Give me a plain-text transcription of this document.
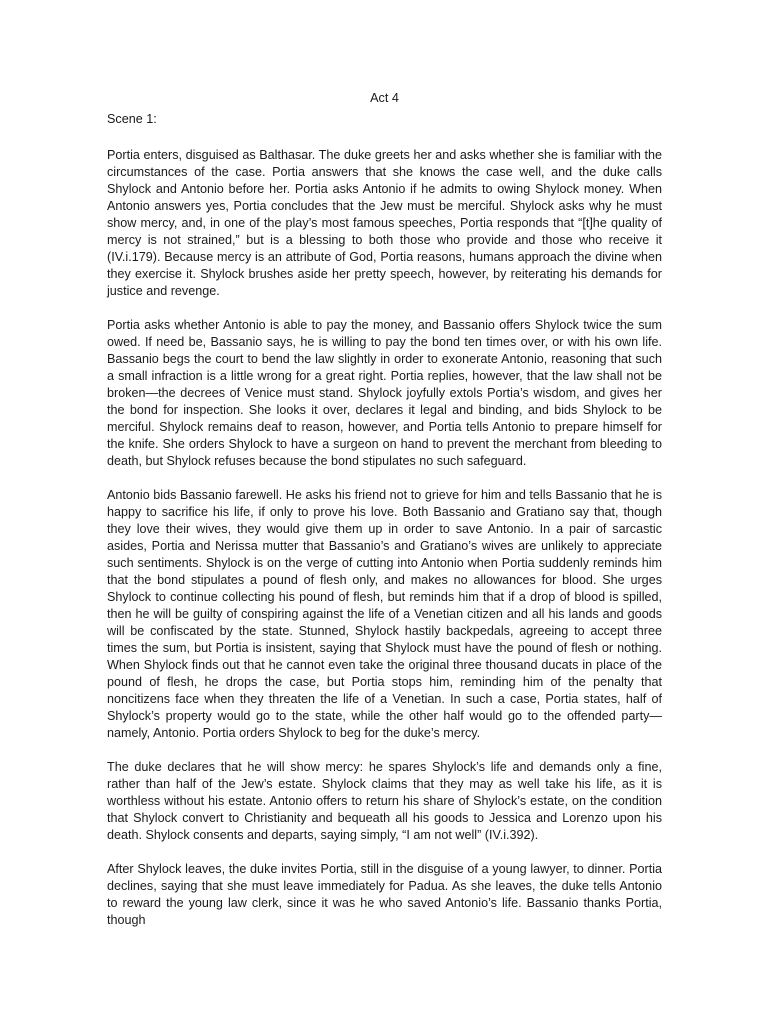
Act 4
Scene 1:

Portia enters, disguised as Balthasar. The duke greets her and asks whether she is familiar with the circumstances of the case. Portia answers that she knows the case well, and the duke calls Shylock and Antonio before her. Portia asks Antonio if he admits to owing Shylock money. When Antonio answers yes, Portia concludes that the Jew must be merciful. Shylock asks why he must show mercy, and, in one of the play’s most famous speeches, Portia responds that “[t]he quality of mercy is not strained,” but is a blessing to both those who provide and those who receive it (IV.i.179). Because mercy is an attribute of God, Portia reasons, humans approach the divine when they exercise it. Shylock brushes aside her pretty speech, however, by reiterating his demands for justice and revenge.

Portia asks whether Antonio is able to pay the money, and Bassanio offers Shylock twice the sum owed. If need be, Bassanio says, he is willing to pay the bond ten times over, or with his own life. Bassanio begs the court to bend the law slightly in order to exonerate Antonio, reasoning that such a small infraction is a little wrong for a great right. Portia replies, however, that the law shall not be broken—the decrees of Venice must stand. Shylock joyfully extols Portia’s wisdom, and gives her the bond for inspection. She looks it over, declares it legal and binding, and bids Shylock to be merciful. Shylock remains deaf to reason, however, and Portia tells Antonio to prepare himself for the knife. She orders Shylock to have a surgeon on hand to prevent the merchant from bleeding to death, but Shylock refuses because the bond stipulates no such safeguard.

Antonio bids Bassanio farewell. He asks his friend not to grieve for him and tells Bassanio that he is happy to sacrifice his life, if only to prove his love. Both Bassanio and Gratiano say that, though they love their wives, they would give them up in order to save Antonio. In a pair of sarcastic asides, Portia and Nerissa mutter that Bassanio’s and Gratiano’s wives are unlikely to appreciate such sentiments. Shylock is on the verge of cutting into Antonio when Portia suddenly reminds him that the bond stipulates a pound of flesh only, and makes no allowances for blood. She urges Shylock to continue collecting his pound of flesh, but reminds him that if a drop of blood is spilled, then he will be guilty of conspiring against the life of a Venetian citizen and all his lands and goods will be confiscated by the state. Stunned, Shylock hastily backpedals, agreeing to accept three times the sum, but Portia is insistent, saying that Shylock must have the pound of flesh or nothing. When Shylock finds out that he cannot even take the original three thousand ducats in place of the pound of flesh, he drops the case, but Portia stops him, reminding him of the penalty that noncitizens face when they threaten the life of a Venetian. In such a case, Portia states, half of Shylock’s property would go to the state, while the other half would go to the offended party—namely, Antonio. Portia orders Shylock to beg for the duke’s mercy.

The duke declares that he will show mercy: he spares Shylock’s life and demands only a fine, rather than half of the Jew’s estate. Shylock claims that they may as well take his life, as it is worthless without his estate. Antonio offers to return his share of Shylock’s estate, on the condition that Shylock convert to Christianity and bequeath all his goods to Jessica and Lorenzo upon his death. Shylock consents and departs, saying simply, “I am not well” (IV.i.392).

After Shylock leaves, the duke invites Portia, still in the disguise of a young lawyer, to dinner. Portia declines, saying that she must leave immediately for Padua. As she leaves, the duke tells Antonio to reward the young law clerk, since it was he who saved Antonio’s life. Bassanio thanks Portia, though
